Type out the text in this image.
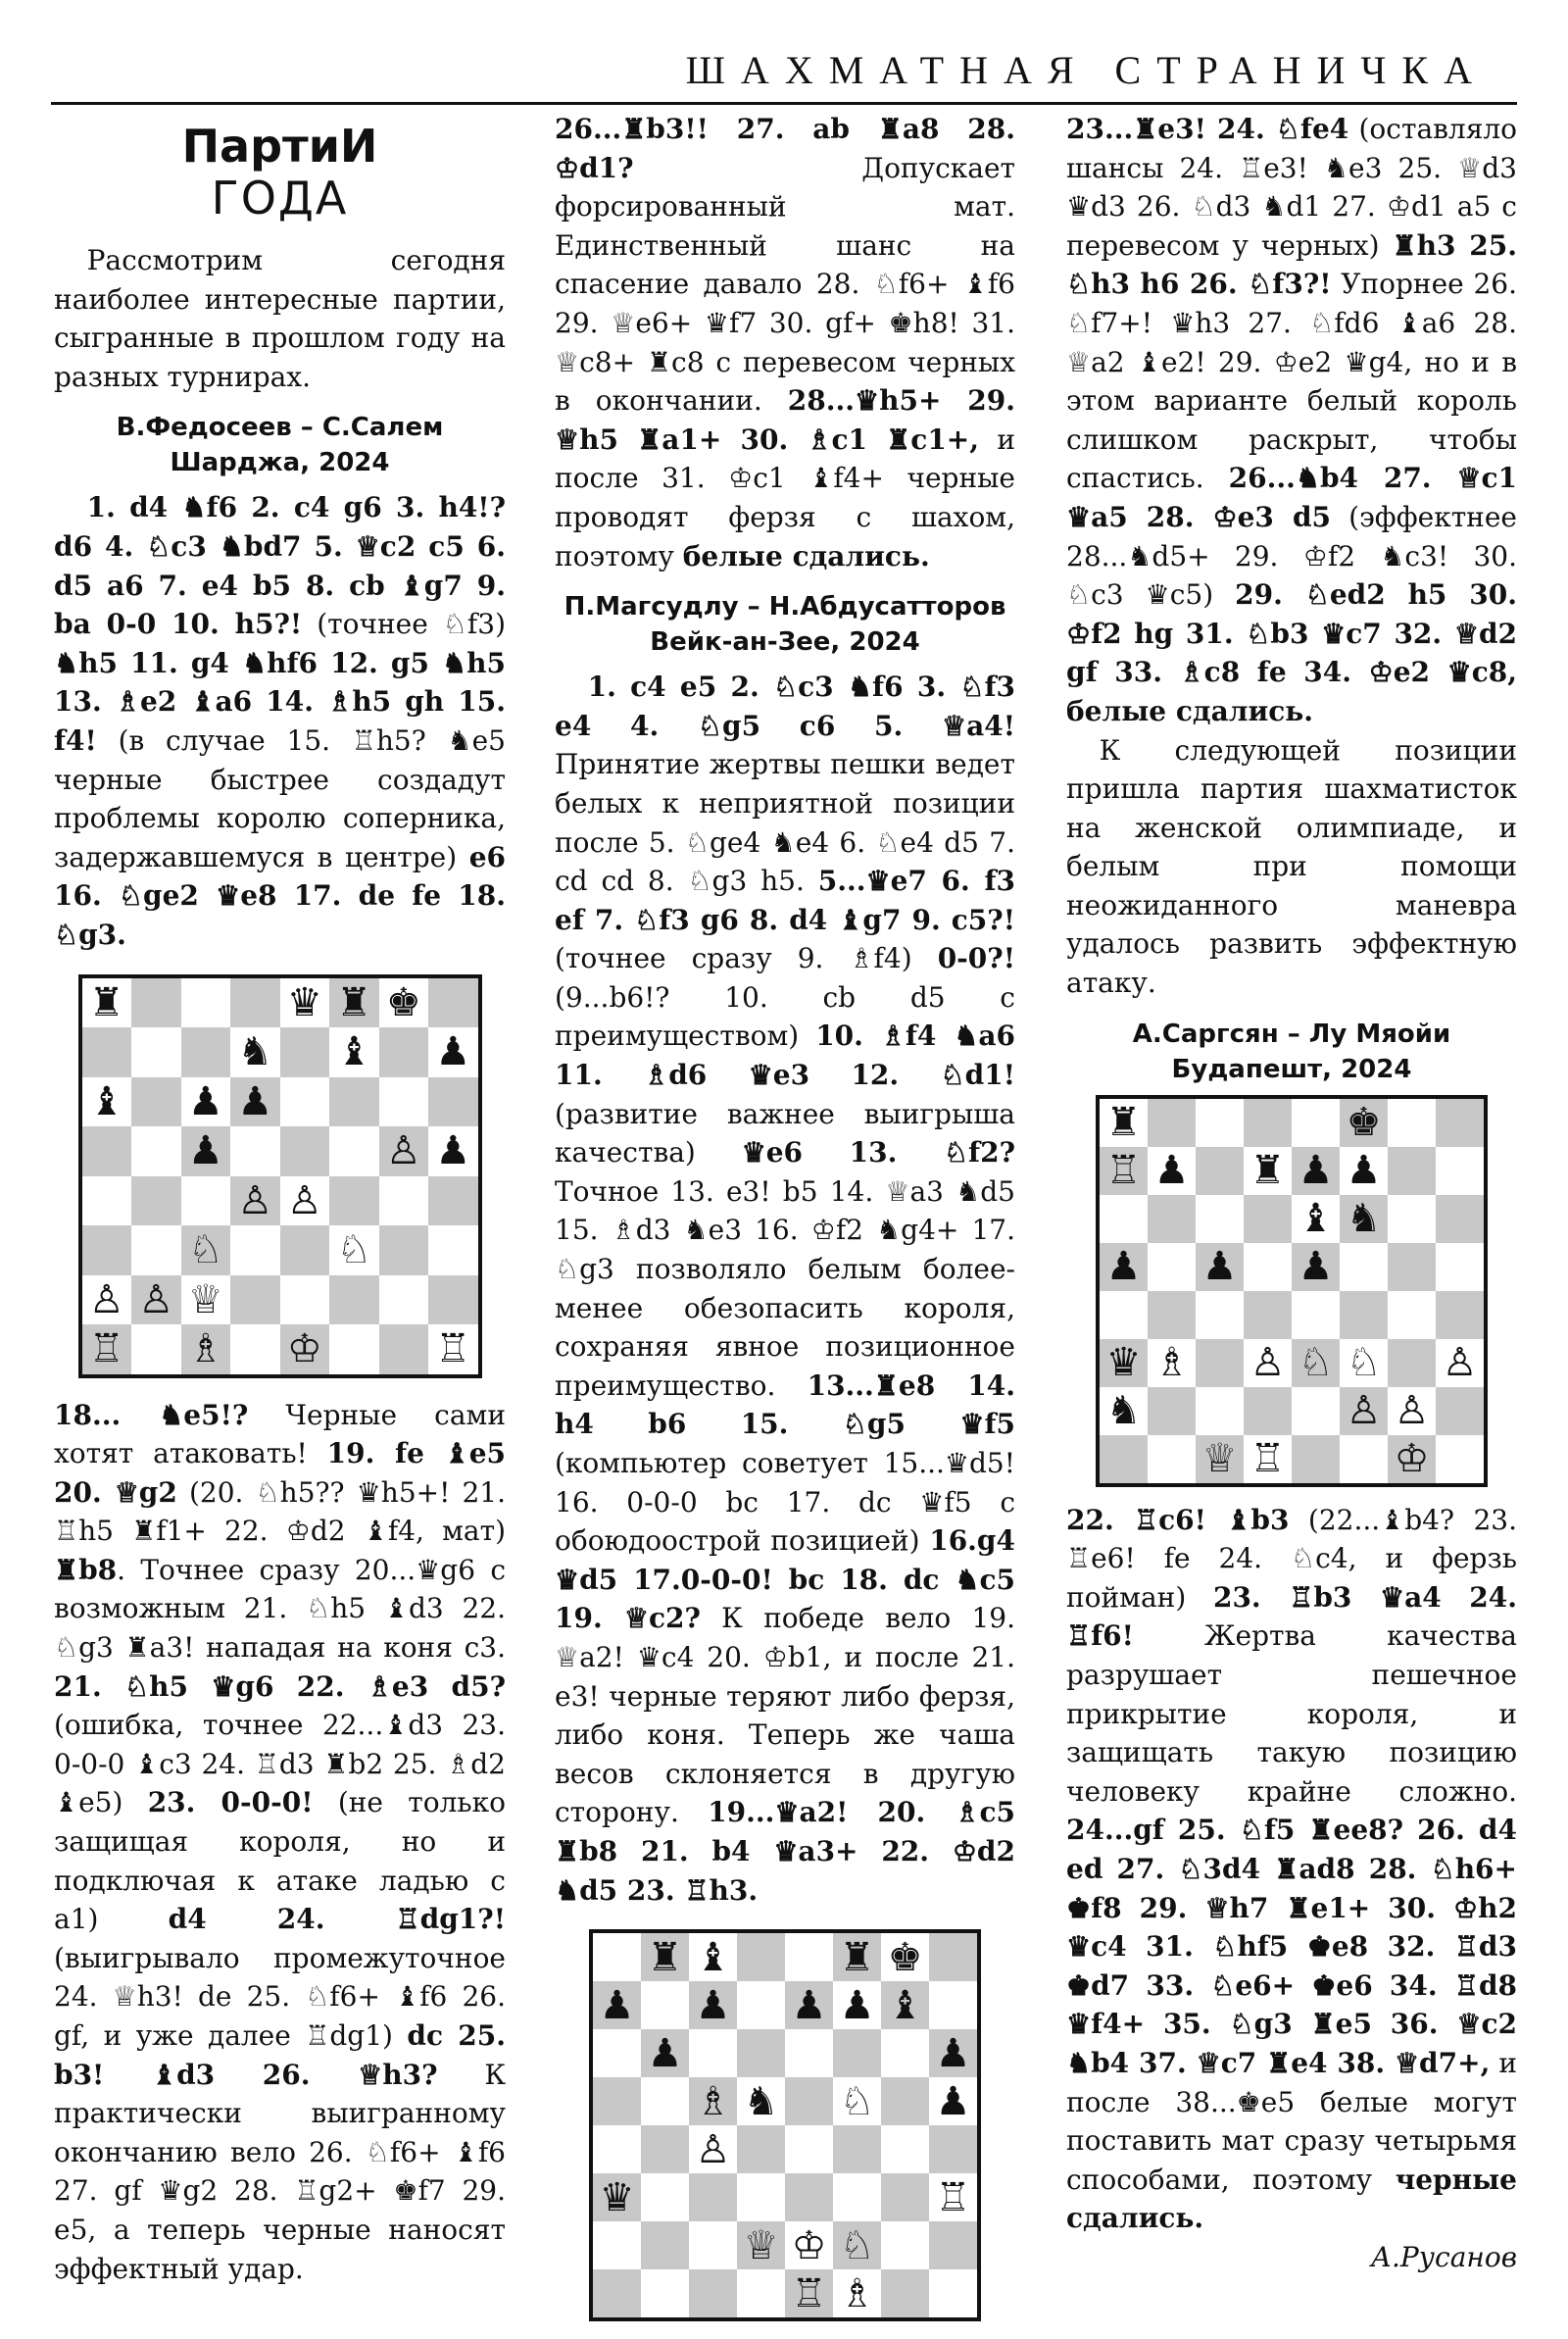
ШАХМАТНАЯ СТРАНИЧКА
ПартиИ
ГОДА

Рассмотрим сегодня наиболее интересные партии, сыгранные в прошлом году на разных турнирах.

В.Федосеев – С.Салем
Шарджа, 2024

1. d4 ♞f6 2. c4 g6 3. h4!? d6 4. ♘c3 ♞bd7 5. ♕c2 c5 6. d5 a6 7. e4 b5 8. cb ♝g7 9. ba 0-0 10. h5?! (точнее ♘f3) ♞h5 11. g4 ♞hf6 12. g5 ♞h5 13. ♗e2 ♝a6 14. ♗h5 gh 15. f4! (в случае 15. ♖h5? ♞e5 черные быстрее создадут проблемы королю соперника, задержавшемуся в центре) e6 16. ♘ge2 ♛e8 17. de fe 18. ♘g3.

♜	♛ ♜ ♚
♞ ♝ ♟
♝ ♟ ♟
♟	♙ ♟
♙ ♙
♘	♘
♙ ♙ ♕
♖ ♗ ♔	♖

18... ♞e5!? Черные сами хотят атаковать! 19. fe ♝e5 20. ♕g2 (20. ♘h5?? ♛h5+! 21. ♖h5 ♜f1+ 22. ♔d2 ♝f4, мат) ♜b8. Точнее сразу 20...♛g6 с возможным 21. ♘h5 ♝d3 22. ♘g3 ♜a3! нападая на коня c3. 21. ♘h5 ♛g6 22. ♗e3 d5? (ошибка, точнее 22...♝d3 23. 0-0-0 ♝c3 24. ♖d3 ♜b2 25. ♗d2 ♝e5) 23. 0-0-0! (не только защищая короля, но и подключая к атаке ладью с a1) d4 24. ♖dg1?! (выигрывало промежуточное 24. ♕h3! de 25. ♘f6+ ♝f6 26. gf, и уже далее ♖dg1) dc 25. b3! ♝d3 26. ♕h3? К практически выигранному окончанию вело 26. ♘f6+ ♝f6 27. gf ♛g2 28. ♖g2+ ♚f7 29. e5, а теперь черные наносят эффектный удар.

26...♜b3!! 27. ab ♜a8 28. ♔d1? Допускает форсированный мат. Единственный шанс на спасение давало 28. ♘f6+ ♝f6 29. ♕e6+ ♛f7 30. gf+ ♚h8! 31. ♕c8+ ♜c8 с перевесом черных в окончании. 28...♛h5+ 29. ♕h5 ♜a1+ 30. ♗c1 ♜c1+, и после 31. ♔c1 ♝f4+ черные проводят ферзя с шахом, поэтому белые сдались.

П.Магсудлу – Н.Абдусатторов
Вейк-ан-Зее, 2024

1. c4 e5 2. ♘c3 ♞f6 3. ♘f3 e4 4. ♘g5 c6 5. ♕a4! Принятие жертвы пешки ведет белых к неприятной позиции после 5. ♘ge4 ♞e4 6. ♘e4 d5 7. cd cd 8. ♘g3 h5. 5...♛e7 6. f3 ef 7. ♘f3 g6 8. d4 ♝g7 9. c5?! (точнее сразу 9. ♗f4) 0-0?! (9...b6!? 10. cb d5 с преимуществом) 10. ♗f4 ♞a6 11. ♗d6 ♛e3 12. ♘d1! (развитие важнее выигрыша качества) ♛e6 13. ♘f2? Точное 13. e3! b5 14. ♕a3 ♞d5 15. ♗d3 ♞e3 16. ♔f2 ♞g4+ 17. ♘g3 позволяло белым более-менее обезопасить короля, сохраняя явное позиционное преимущество. 13...♜e8 14. h4 b6 15. ♘g5 ♛f5 (компьютер советует 15...♛d5! 16. 0-0-0 bc 17. dc ♛f5 с обоюдоострой позицией) 16.g4 ♛d5 17.0-0-0! bc 18. dc ♞c5 19. ♕c2? К победе вело 19. ♕a2! ♛c4 20. ♔b1, и после 21. e3! черные теряют либо ферзя, либо коня. Теперь же чаша весов склоняется в другую сторону. 19...♛a2! 20. ♗c5 ♜b8 21. b4 ♛a3+ 22. ♔d2 ♞d5 23. ♖h3.

♜ ♝	♜ ♚
♟ ♟ ♟ ♟ ♝
♟	♟
♗ ♞ ♘ ♟
♙
♛	♖
♕ ♔ ♘
♖ ♗

23...♜e3! 24. ♘fe4 (оставляло шансы 24. ♖e3! ♞e3 25. ♕d3 ♛d3 26. ♘d3 ♞d1 27. ♔d1 a5 с перевесом у черных) ♜h3 25. ♘h3 h6 26. ♘f3?! Упорнее 26. ♘f7+! ♛h3 27. ♘fd6 ♝a6 28. ♕a2 ♝e2! 29. ♔e2 ♛g4, но и в этом варианте белый король слишком раскрыт, чтобы спастись. 26...♞b4 27. ♕c1 ♛a5 28. ♔e3 d5 (эффектнее 28...♞d5+ 29. ♔f2 ♞c3! 30. ♘c3 ♛c5) 29. ♘ed2 h5 30. ♔f2 hg 31. ♘b3 ♛c7 32. ♕d2 gf 33. ♗c8 fe 34. ♔e2 ♛c8, белые сдались.

К следующей позиции пришла партия шахматисток на женской олимпиаде, и белым при помощи неожиданного маневра удалось развить эффектную атаку.

А.Саргсян – Лу Мяойи
Будапешт, 2024
♜	♚
♖ ♟ ♜ ♟ ♟
♝ ♞
♟ ♟ ♟
♛ ♗ ♙ ♘ ♘ ♙
♞	♙ ♙
♕ ♖	♔

22. ♖c6! ♝b3 (22...♝b4? 23. ♖e6! fe 24. ♘c4, и ферзь пойман) 23. ♖b3 ♛a4 24. ♖f6! Жертва качества разрушает пешечное прикрытие короля, и защищать такую позицию человеку крайне сложно. 24...gf 25. ♘f5 ♜ee8? 26. d4 ed 27. ♘3d4 ♜ad8 28. ♘h6+ ♚f8 29. ♕h7 ♜e1+ 30. ♔h2 ♛c4 31. ♘hf5 ♚e8 32. ♖d3 ♚d7 33. ♘e6+ ♚e6 34. ♖d8 ♛f4+ 35. ♘g3 ♜e5 36. ♕c2 ♞b4 37. ♕c7 ♜e4 38. ♕d7+, и после 38...♚e5 белые могут поставить мат сразу четырьмя способами, поэтому черные сдались.

А.Русанов
